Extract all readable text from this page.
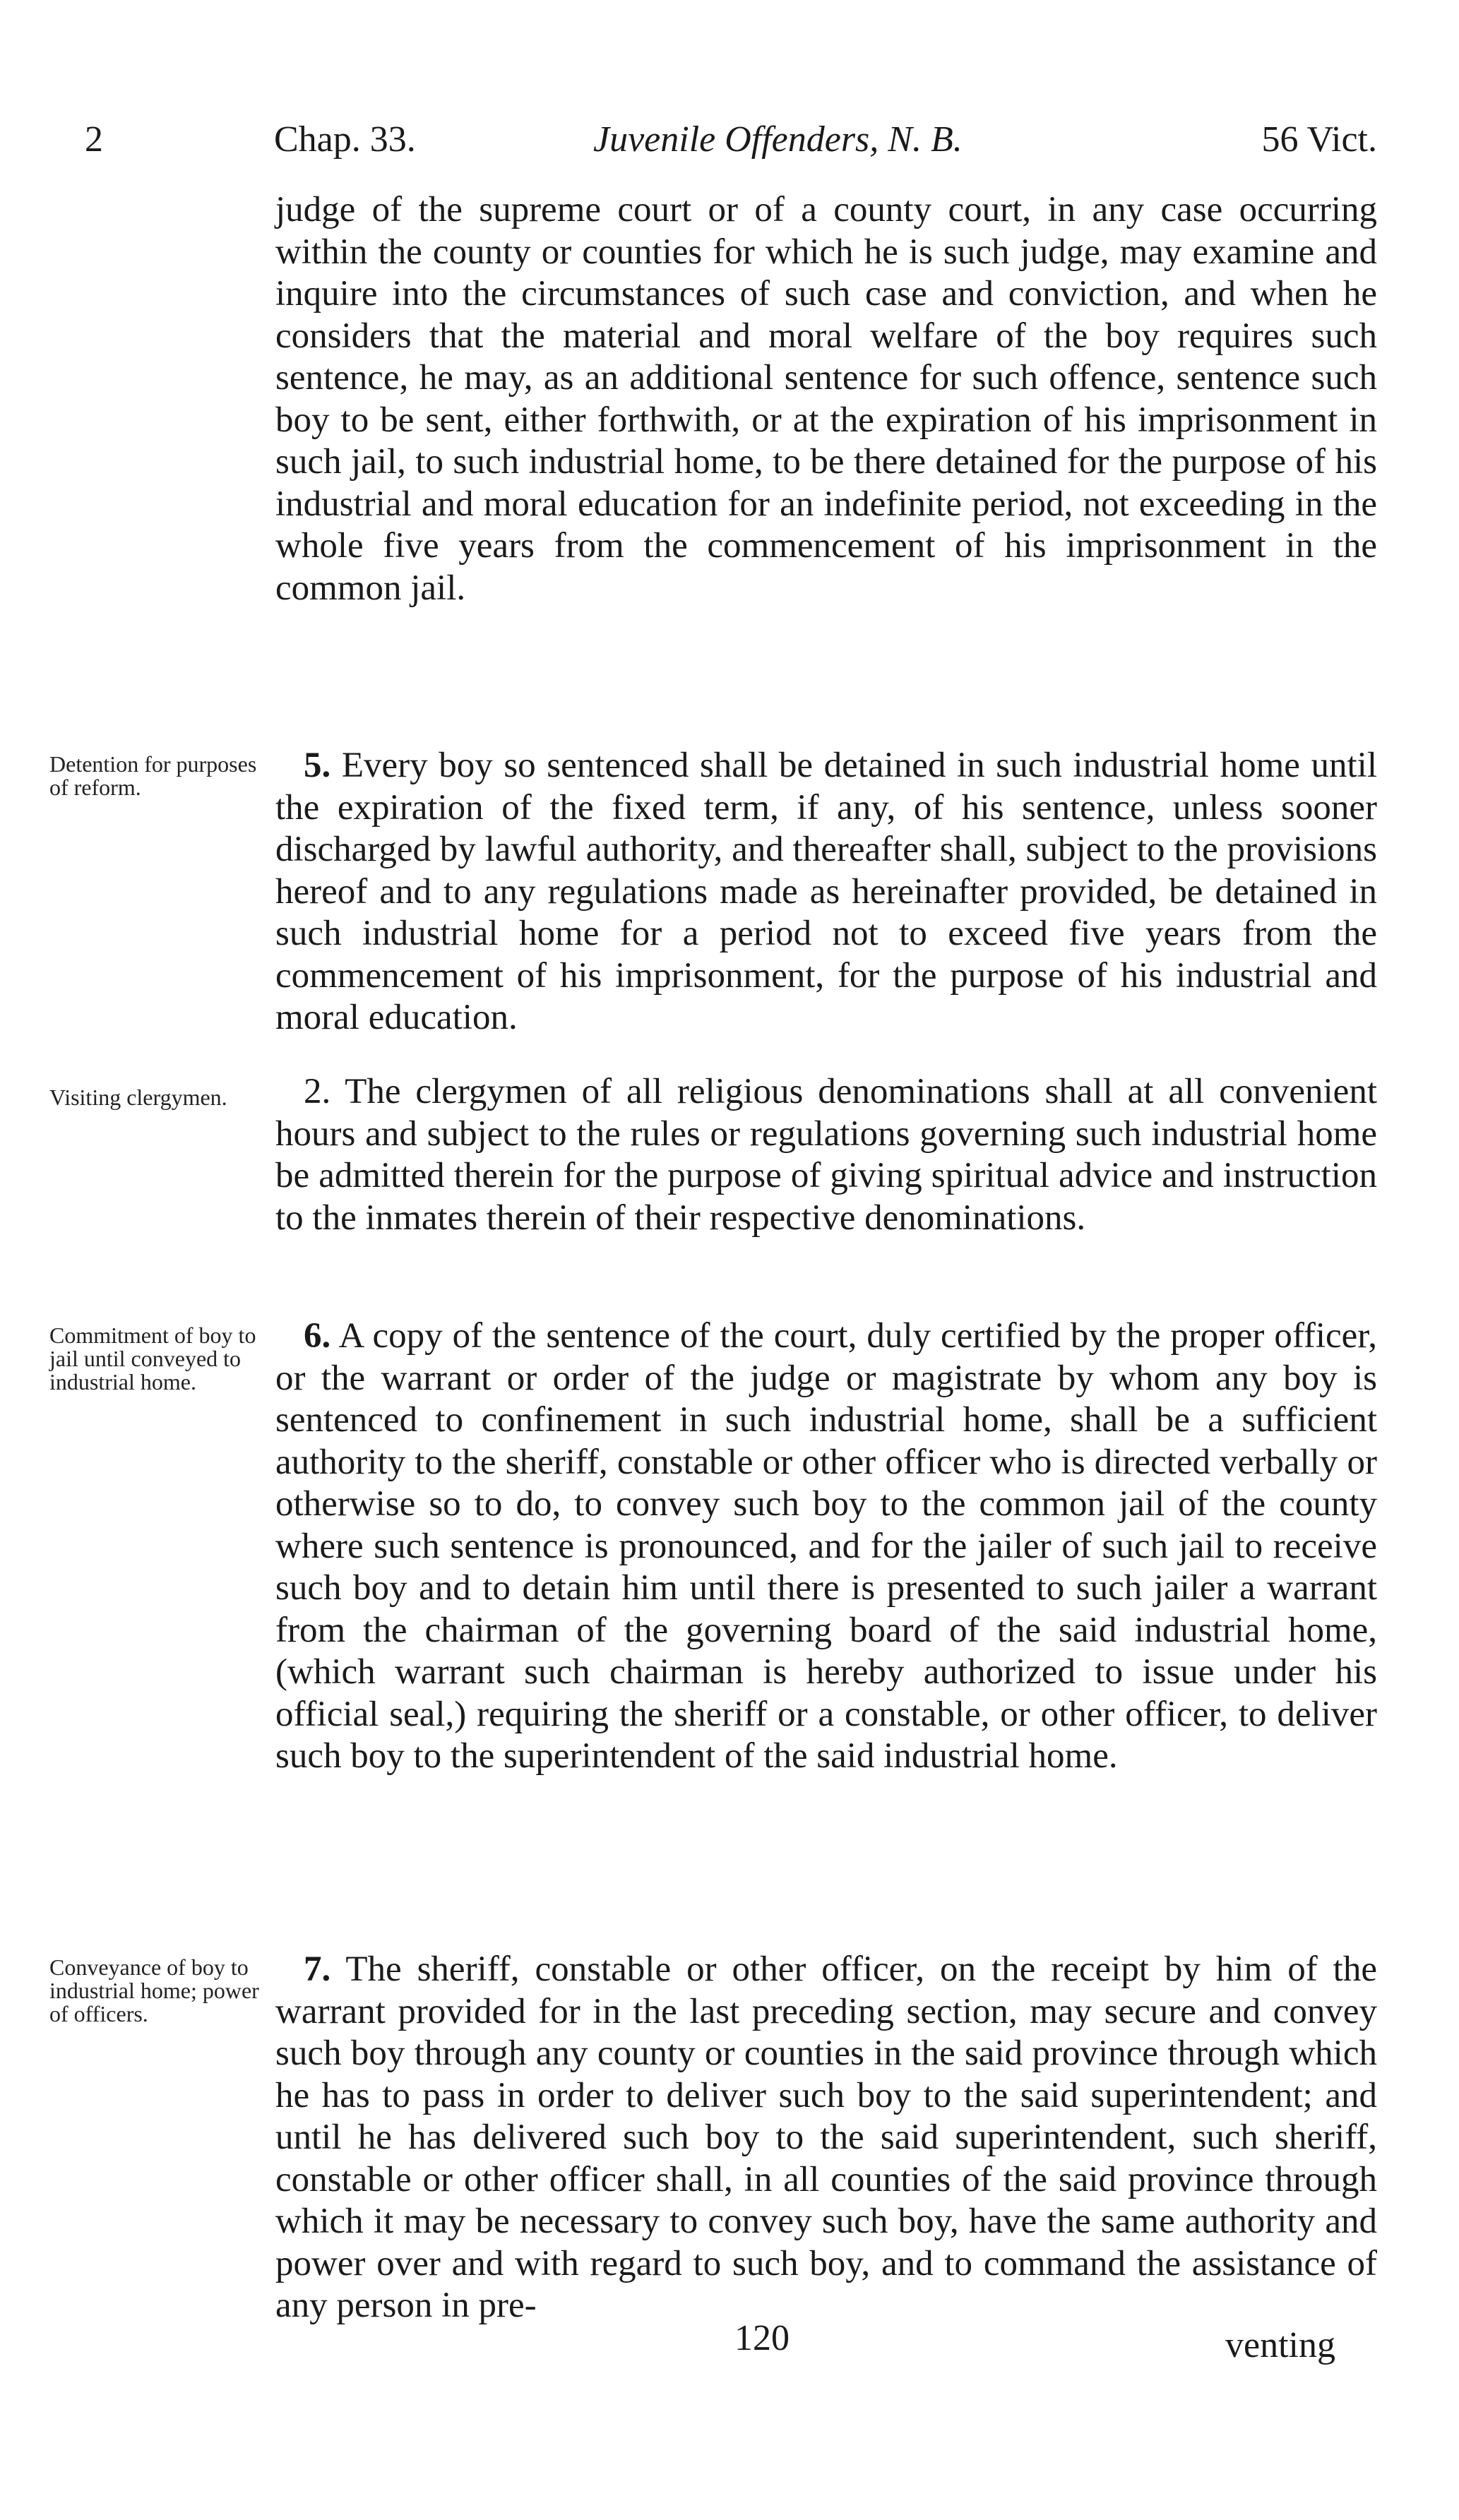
2	Chap. 33.	Juvenile Offenders, N. B.	56 Vict.

judge of the supreme court or of a county court, in any case occurring within the county or counties for which he is such judge, may examine and inquire into the circumstances of such case and conviction, and when he considers that the material and moral welfare of the boy requires such sentence, he may, as an additional sentence for such offence, sentence such boy to be sent, either forthwith, or at the expiration of his imprisonment in such jail, to such industrial home, to be there detained for the purpose of his industrial and moral education for an indefinite period, not exceeding in the whole five years from the commencement of his imprisonment in the common jail.

Detention for purposes of reform.

5. Every boy so sentenced shall be detained in such industrial home until the expiration of the fixed term, if any, of his sentence, unless sooner discharged by lawful authority, and thereafter shall, subject to the provisions hereof and to any regulations made as hereinafter provided, be detained in such industrial home for a period not to exceed five years from the commencement of his imprisonment, for the purpose of his industrial and moral education.

Visiting clergymen.	2. The clergymen of all religious denominations shall at all convenient hours and subject to the rules or regulations governing such industrial home be admitted therein for the purpose of giving spiritual advice and instruction to the inmates therein of their respective denominations.

Commitment of boy to jail until conveyed to industrial home.

6. A copy of the sentence of the court, duly certified by the proper officer, or the warrant or order of the judge or magistrate by whom any boy is sentenced to confinement in such industrial home, shall be a sufficient authority to the sheriff, constable or other officer who is directed verbally or otherwise so to do, to convey such boy to the common jail of the county where such sentence is pronounced, and for the jailer of such jail to receive such boy and to detain him until there is presented to such jailer a warrant from the chairman of the governing board of the said industrial home, (which warrant such chairman is hereby authorized to issue under his official seal,) requiring the sheriff or a constable, or other officer, to deliver such boy to the superintendent of the said industrial home.

Conveyance of boy to industrial home; power of officers.

7. The sheriff, constable or other officer, on the receipt by him of the warrant provided for in the last preceding section, may secure and convey such boy through any county or counties in the said province through which he has to pass in order to deliver such boy to the said superintendent; and until he has delivered such boy to the said superintendent, such sheriff, constable or other officer shall, in all counties of the said province through which it may be necessary to convey such boy, have the same authority and power over and with regard to such boy, and to command the assistance of any person in pre-

120	venting
